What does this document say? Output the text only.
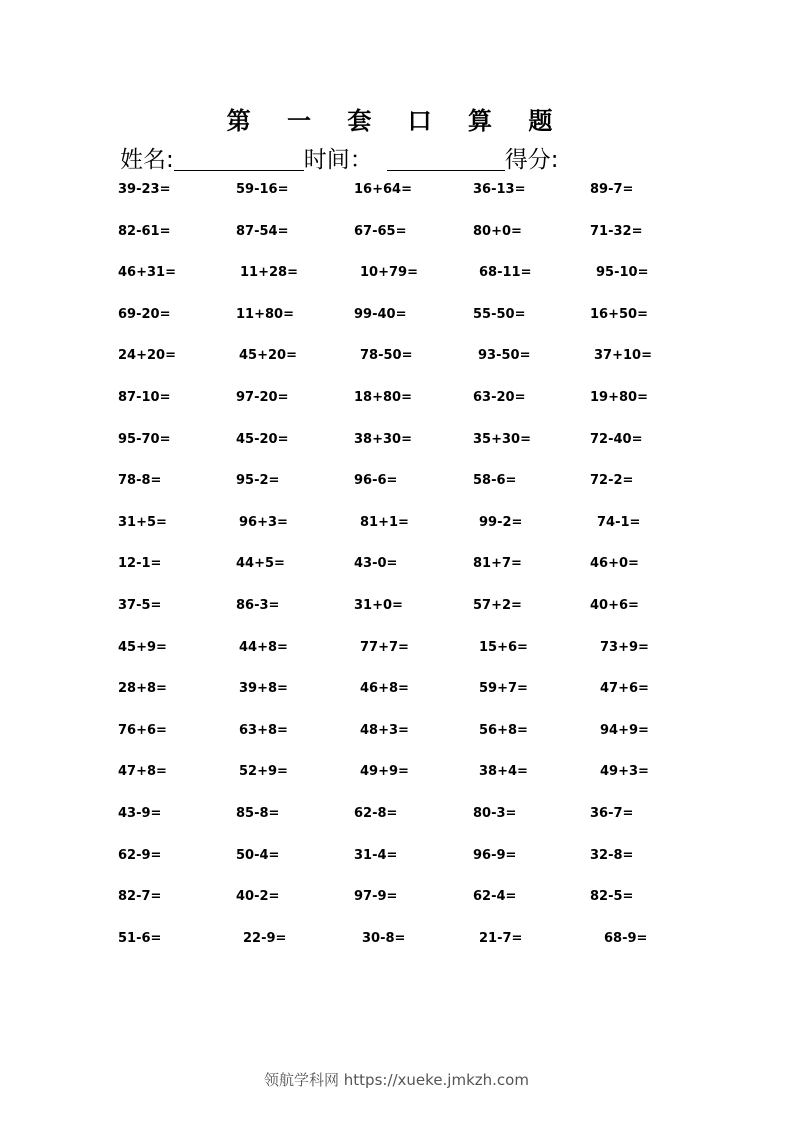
第 一 套 口 算 题
姓名:	时间：	得分:
39-23=	59-16=	16+64=	36-13=	89-7=
82-61=	87-54=	67-65=	80+0=	71-32=
46+31=	11+28=	10+79=	68-11=	95-10=
69-20=	11+80=	99-40=	55-50=	16+50=
24+20=	45+20=	78-50=	93-50=	37+10=
87-10=	97-20=	18+80=	63-20=	19+80=
95-70=	45-20=	38+30=	35+30=	72-40=
78-8=	95-2=	96-6=	58-6=	72-2=
31+5=	96+3=	81+1=	99-2=	74-1=
12-1=	44+5=	43-0=	81+7=	46+0=
37-5=	86-3=	31+0=	57+2=	40+6=
45+9=	44+8=	77+7=	15+6=	73+9=
28+8=	39+8=	46+8=	59+7=	47+6=
76+6=	63+8=	48+3=	56+8=	94+9=
47+8=	52+9=	49+9=	38+4=	49+3=
43-9=	85-8=	62-8=	80-3=	36-7=
62-9=	50-4=	31-4=	96-9=	32-8=
82-7=	40-2=	97-9=	62-4=	82-5=
51-6=	22-9=	30-8=	21-7=	68-9=
领航学科网 https://xueke.jmkzh.com
